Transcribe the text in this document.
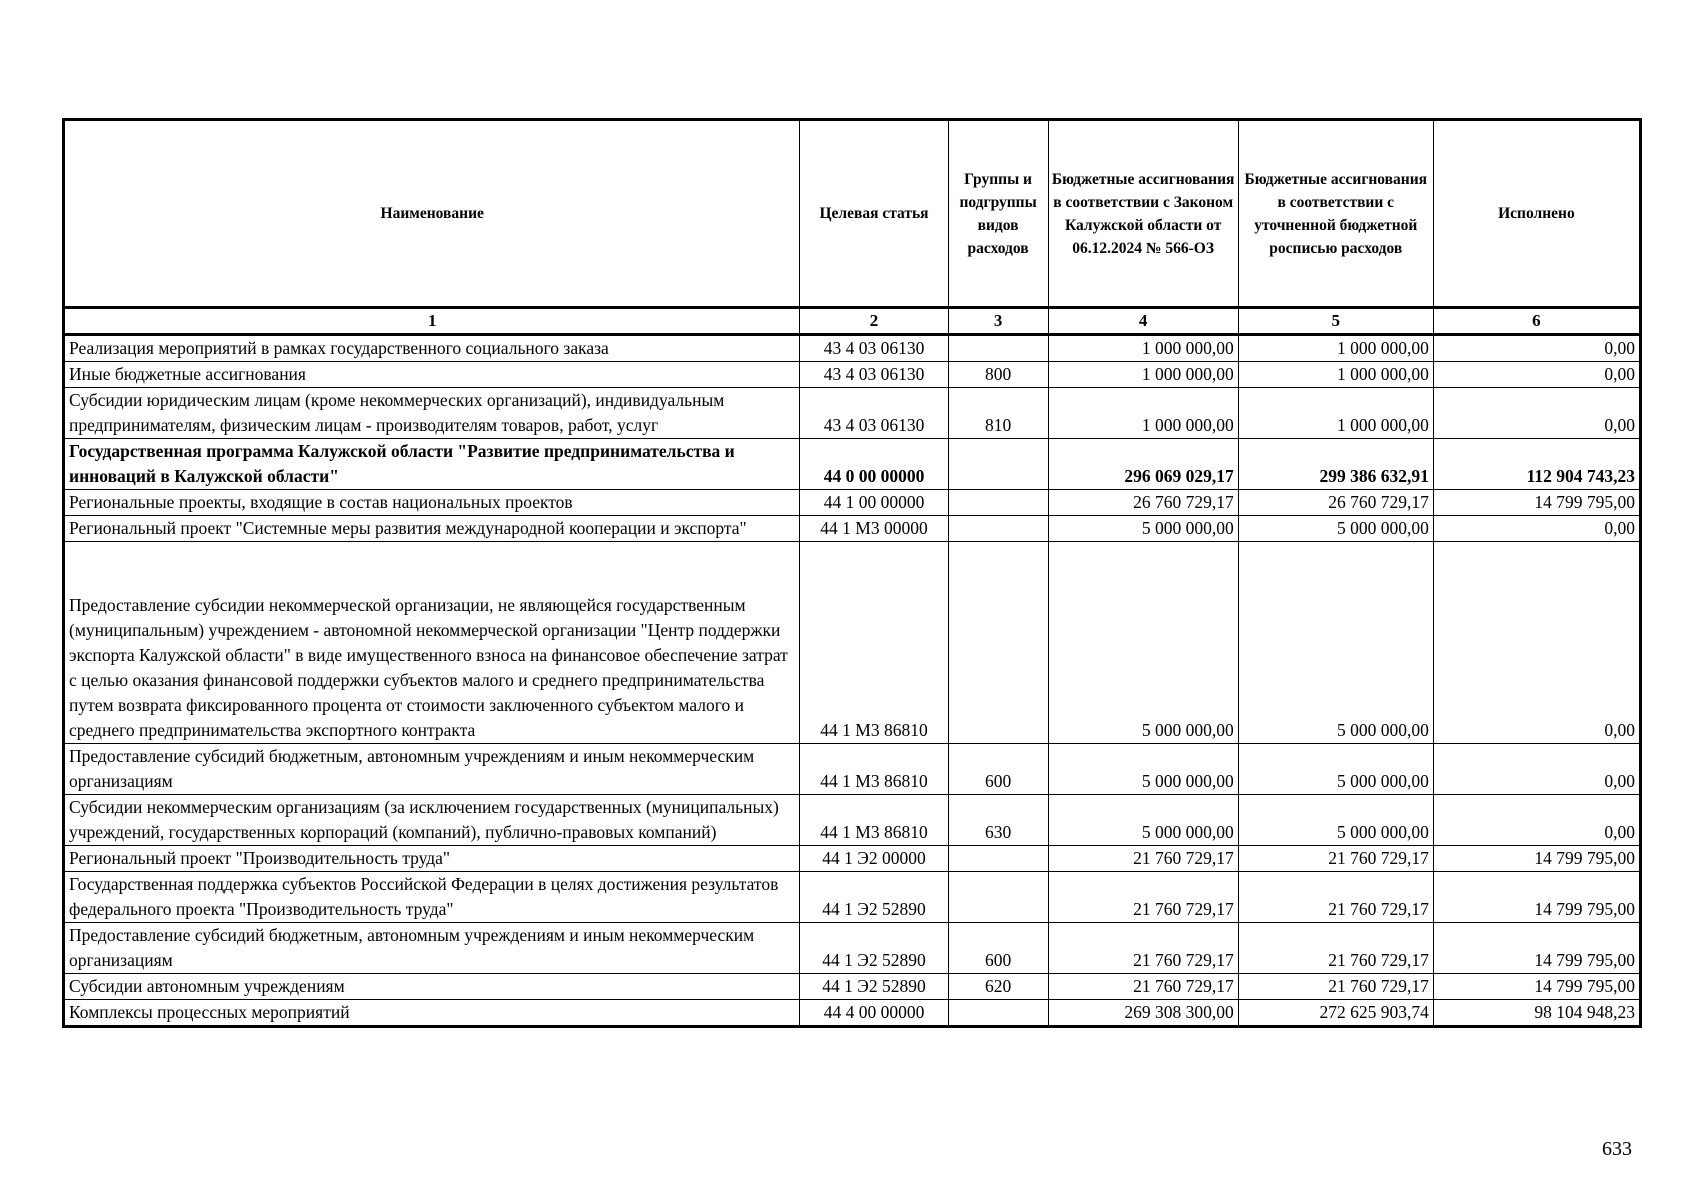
Наименование	Целевая статья	Группы и подгруппы видов расходов	Бюджетные ассигнования в соответствии с Законом Калужской области от 06.12.2024 № 566-ОЗ	Бюджетные ассигнования в соответствии с уточненной бюджетной росписью расходов	Исполнено
1	2	3	4	5	6
Реализация мероприятий в рамках государственного социального заказа	43 4 03 06130		1 000 000,00	1 000 000,00	0,00
Иные бюджетные ассигнования	43 4 03 06130	800	1 000 000,00	1 000 000,00	0,00
Субсидии юридическим лицам (кроме некоммерческих организаций), индивидуальным предпринимателям, физическим лицам - производителям товаров, работ, услуг	43 4 03 06130	810	1 000 000,00	1 000 000,00	0,00
Государственная программа Калужской области "Развитие предпринимательства и инноваций в Калужской области"	44 0 00 00000		296 069 029,17	299 386 632,91	112 904 743,23
Региональные проекты, входящие в состав национальных проектов	44 1 00 00000		26 760 729,17	26 760 729,17	14 799 795,00
Региональный проект "Системные меры развития международной кооперации и экспорта"	44 1 М3 00000		5 000 000,00	5 000 000,00	0,00
Предоставление субсидии некоммерческой организации, не являющейся государственным (муниципальным) учреждением - автономной некоммерческой организации "Центр поддержки экспорта Калужской области" в виде имущественного взноса на финансовое обеспечение затрат с целью оказания финансовой поддержки субъектов малого и среднего предпринимательства путем возврата фиксированного процента от стоимости заключенного субъектом малого и среднего предпринимательства экспортного контракта	44 1 М3 86810		5 000 000,00	5 000 000,00	0,00
Предоставление субсидий бюджетным, автономным учреждениям и иным некоммерческим организациям	44 1 М3 86810	600	5 000 000,00	5 000 000,00	0,00
Субсидии некоммерческим организациям (за исключением государственных (муниципальных) учреждений, государственных корпораций (компаний), публично-правовых компаний)	44 1 М3 86810	630	5 000 000,00	5 000 000,00	0,00
Региональный проект "Производительность труда"	44 1 Э2 00000		21 760 729,17	21 760 729,17	14 799 795,00
Государственная поддержка субъектов Российской Федерации в целях достижения результатов федерального проекта "Производительность труда"	44 1 Э2 52890		21 760 729,17	21 760 729,17	14 799 795,00
Предоставление субсидий бюджетным, автономным учреждениям и иным некоммерческим организациям	44 1 Э2 52890	600	21 760 729,17	21 760 729,17	14 799 795,00
Субсидии автономным учреждениям	44 1 Э2 52890	620	21 760 729,17	21 760 729,17	14 799 795,00
Комплексы процессных мероприятий	44 4 00 00000		269 308 300,00	272 625 903,74	98 104 948,23
633
